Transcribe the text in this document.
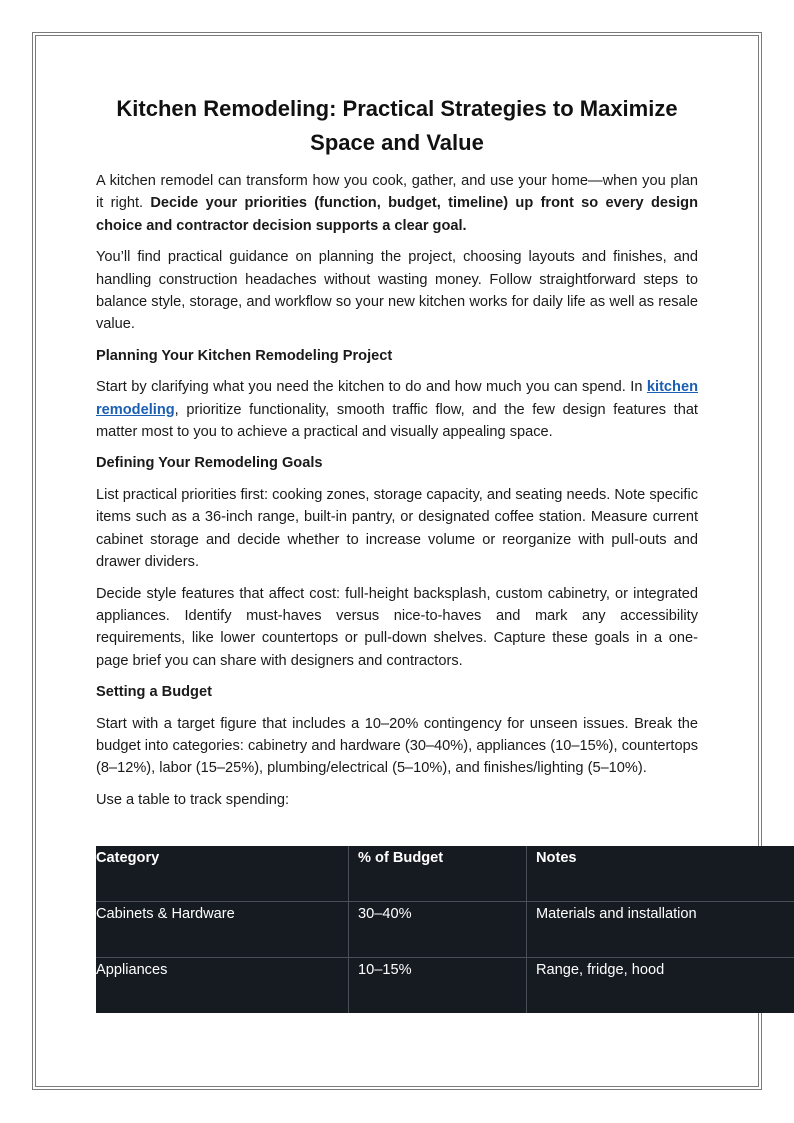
Kitchen Remodeling: Practical Strategies to Maximize Space and Value

A kitchen remodel can transform how you cook, gather, and use your home—when you plan it right. Decide your priorities (function, budget, timeline) up front so every design choice and contractor decision supports a clear goal.

You’ll find practical guidance on planning the project, choosing layouts and finishes, and handling construction headaches without wasting money. Follow straightforward steps to balance style, storage, and workflow so your new kitchen works for daily life as well as resale value.

Planning Your Kitchen Remodeling Project

Start by clarifying what you need the kitchen to do and how much you can spend. In kitchen remodeling, prioritize functionality, smooth traffic flow, and the few design features that matter most to you to achieve a practical and visually appealing space.

Defining Your Remodeling Goals

List practical priorities first: cooking zones, storage capacity, and seating needs. Note specific items such as a 36-inch range, built-in pantry, or designated coffee station. Measure current cabinet storage and decide whether to increase volume or reorganize with pull-outs and drawer dividers.

Decide style features that affect cost: full-height backsplash, custom cabinetry, or integrated appliances. Identify must-haves versus nice-to-haves and mark any accessibility requirements, like lower countertops or pull-down shelves. Capture these goals in a one-page brief you can share with designers and contractors.

Setting a Budget

Start with a target figure that includes a 10–20% contingency for unseen issues. Break the budget into categories: cabinetry and hardware (30–40%), appliances (10–15%), countertops (8–12%), labor (15–25%), plumbing/electrical (5–10%), and finishes/lighting (5–10%).

Use a table to track spending:

Category	% of Budget	Notes
Cabinets & Hardware	30–40%	Materials and installation
Appliances	10–15%	Range, fridge, hood
